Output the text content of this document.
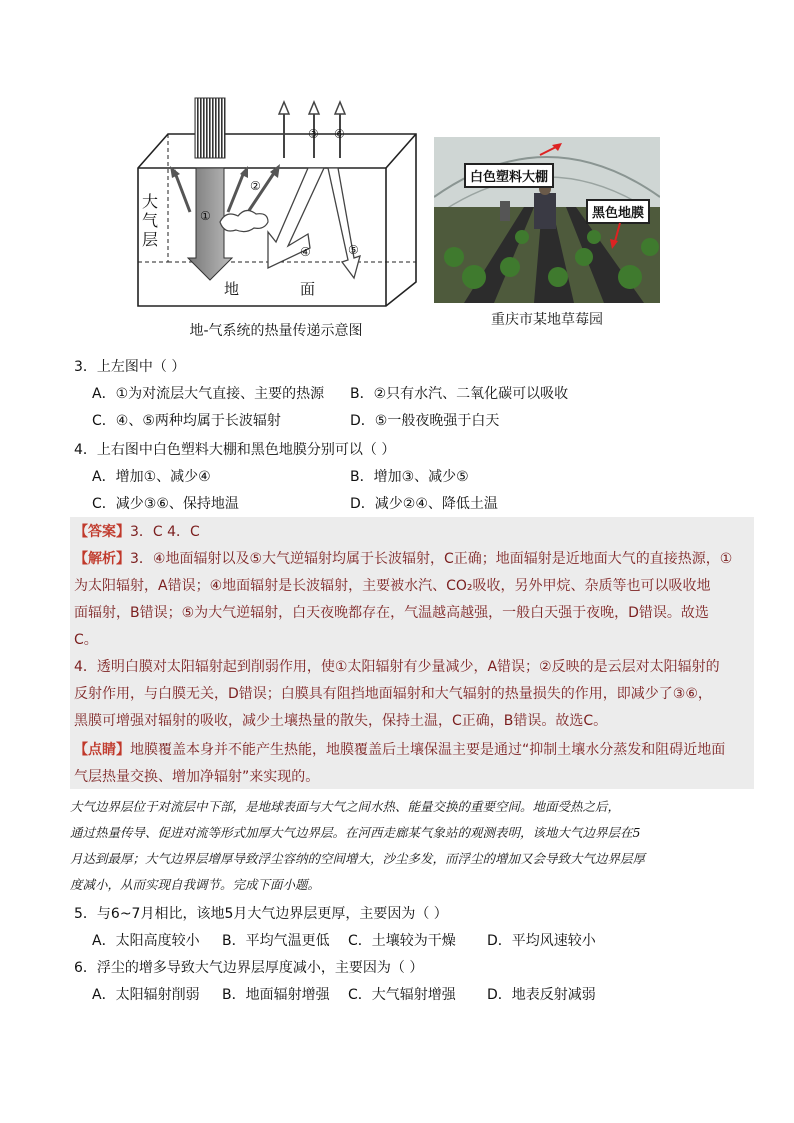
①
②
③ ⑥
④	⑤
大气层
地	面
地-气系统的热量传递示意图
白色塑料大棚
黑色地膜
重庆市某地草莓园
3．上左图中（ ）
A．①为对流层大气直接、主要的热源 B．②只有水汽、二氧化碳可以吸收
C．④、⑤两种均属于长波辐射	D．⑤一般夜晚强于白天
4．上右图中白色塑料大棚和黑色地膜分别可以（ ）
A．增加①、减少④	B．增加③、减少⑤
C．减少③⑥、保持地温	D．减少②④、降低土温
【答案】3．C 4．C
【解析】3．④地面辐射以及⑤大气逆辐射均属于长波辐射，C正确；地面辐射是近地面大气的直接热源，①
为太阳辐射，A错误；④地面辐射是长波辐射，主要被水汽、CO₂吸收，另外甲烷、杂质等也可以吸收地
面辐射，B错误；⑤为大气逆辐射，白天夜晚都存在，气温越高越强，一般白天强于夜晚，D错误。故选
C。
4．透明白膜对太阳辐射起到削弱作用，使①太阳辐射有少量减少，A错误；②反映的是云层对太阳辐射的
反射作用，与白膜无关，D错误；白膜具有阻挡地面辐射和大气辐射的热量损失的作用，即减少了③⑥，
黑膜可增强对辐射的吸收，减少土壤热量的散失，保持土温，C正确，B错误。故选C。
【点睛】地膜覆盖本身并不能产生热能，地膜覆盖后土壤保温主要是通过“抑制土壤水分蒸发和阻碍近地面
气层热量交换、增加净辐射”来实现的。
大气边界层位于对流层中下部，是地球表面与大气之间水热、能量交换的重要空间。地面受热之后，
通过热量传导、促进对流等形式加厚大气边界层。在河西走廊某气象站的观测表明，该地大气边界层在5
月达到最厚；大气边界层增厚导致浮尘容纳的空间增大，沙尘多发，而浮尘的增加又会导致大气边界层厚
度减小，从而实现自我调节。完成下面小题。
5．与6~7月相比，该地5月大气边界层更厚，主要因为（ ）
A．太阳高度较小 B．平均气温更低 C．土壤较为干燥 D．平均风速较小
6．浮尘的增多导致大气边界层厚度减小，主要因为（ ）
A．太阳辐射削弱 B．地面辐射增强 C．大气辐射增强 D．地表反射减弱
